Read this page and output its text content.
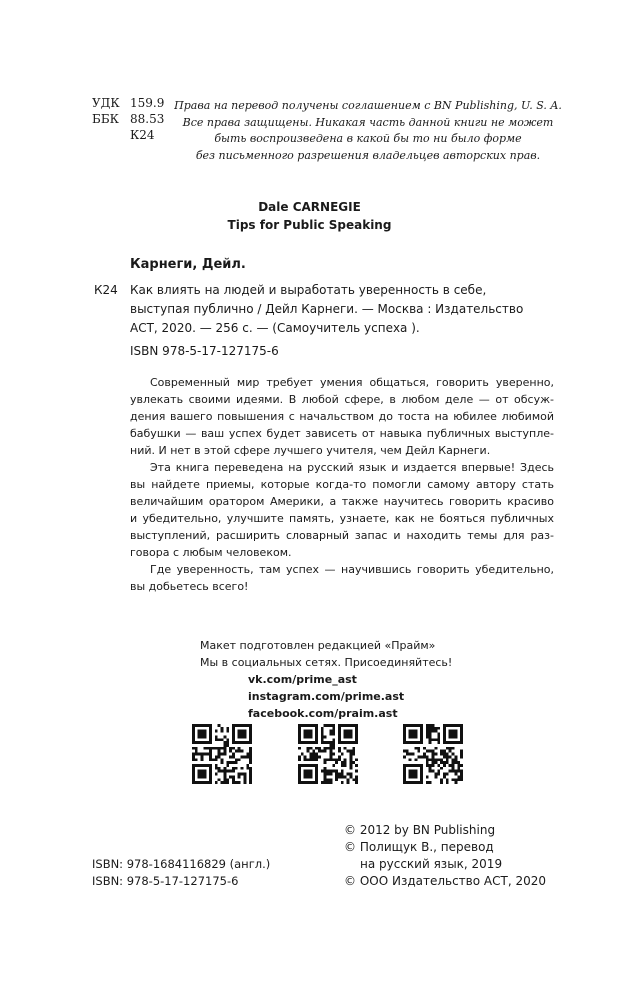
УДК 159.9
ББК 88.53
К24
Права на перевод получены соглашением с BN Publishing, U. S. A.
Все права защищены. Никакая часть данной книги не может
быть воспроизведена в какой бы то ни было форме
без письменного разрешения владельцев авторских прав.
Dale CARNEGIE
Tips for Public Speaking
Карнеги, Дейл.
К24 Как влиять на людей и выработать уверенность в себе,
выступая публично / Дейл Карнеги. — Москва : Издательство
АСТ, 2020. — 256 с. — (Самоучитель успеха ).
ISBN 978-5-17-127175-6
Современный мир требует умения общаться, говорить уверенно,
увлекать своими идеями. В любой сфере, в любом деле — от обсуж-
дения вашего повышения с начальством до тоста на юбилее любимой
бабушки — ваш успех будет зависеть от навыка публичных выступле-
ний. И нет в этой сфере лучшего учителя, чем Дейл Карнеги.
Эта книга переведена на русский язык и издается впервые! Здесь
вы найдете приемы, которые когда-то помогли самому автору стать
величайшим оратором Америки, а также научитесь говорить красиво
и убедительно, улучшите память, узнаете, как не бояться публичных
выступлений, расширить словарный запас и находить темы для раз-
говора с любым человеком.
Где уверенность, там успех — научившись говорить убедительно,
вы добьетесь всего!
Макет подготовлен редакцией «Прайм»
Мы в социальных сетях. Присоединяйтесь!
vk.com/prime_ast
instagram.com/prime.ast
facebook.com/praim.ast
© 2012 by BN Publishing
© Полищук В., перевод
на русский язык, 2019
© ООО Издательство АСТ, 2020
ISBN: 978-1684116829 (англ.)
ISBN: 978-5-17-127175-6
